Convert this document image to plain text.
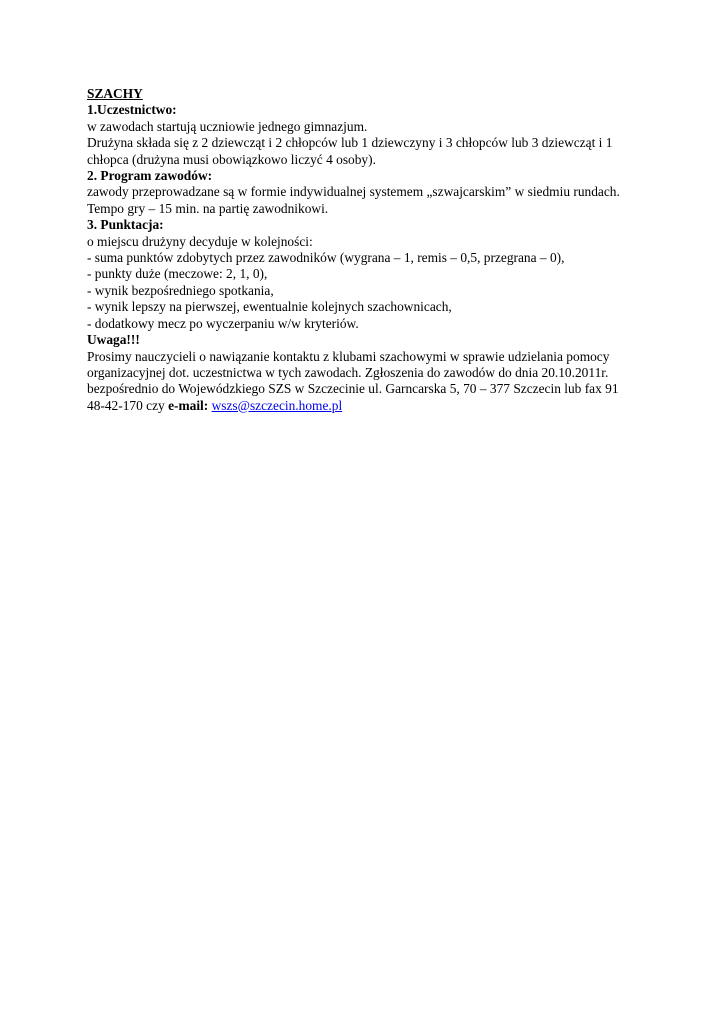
SZACHY
1.Uczestnictwo:
w zawodach startują uczniowie jednego gimnazjum.
Drużyna składa się z 2 dziewcząt i 2 chłopców lub 1 dziewczyny i 3 chłopców lub 3 dziewcząt i 1
chłopca (drużyna musi obowiązkowo liczyć 4 osoby).
2. Program zawodów:
zawody przeprowadzane są w formie indywidualnej systemem „szwajcarskim” w siedmiu rundach.
Tempo gry – 15 min. na partię zawodnikowi.
3. Punktacja:
o miejscu drużyny decyduje w kolejności:
- suma punktów zdobytych przez zawodników (wygrana – 1, remis – 0,5, przegrana – 0),
- punkty duże (meczowe: 2, 1, 0),
- wynik bezpośredniego spotkania,
- wynik lepszy na pierwszej, ewentualnie kolejnych szachownicach,
- dodatkowy mecz po wyczerpaniu w/w kryteriów.
Uwaga!!!
Prosimy nauczycieli o nawiązanie kontaktu z klubami szachowymi w sprawie udzielania pomocy
organizacyjnej dot. uczestnictwa w tych zawodach. Zgłoszenia do zawodów do dnia 20.10.2011r.
bezpośrednio do Wojewódzkiego SZS w Szczecinie ul. Garncarska 5, 70 – 377 Szczecin lub fax 91
48-42-170 czy e-mail: wszs@szczecin.home.pl
